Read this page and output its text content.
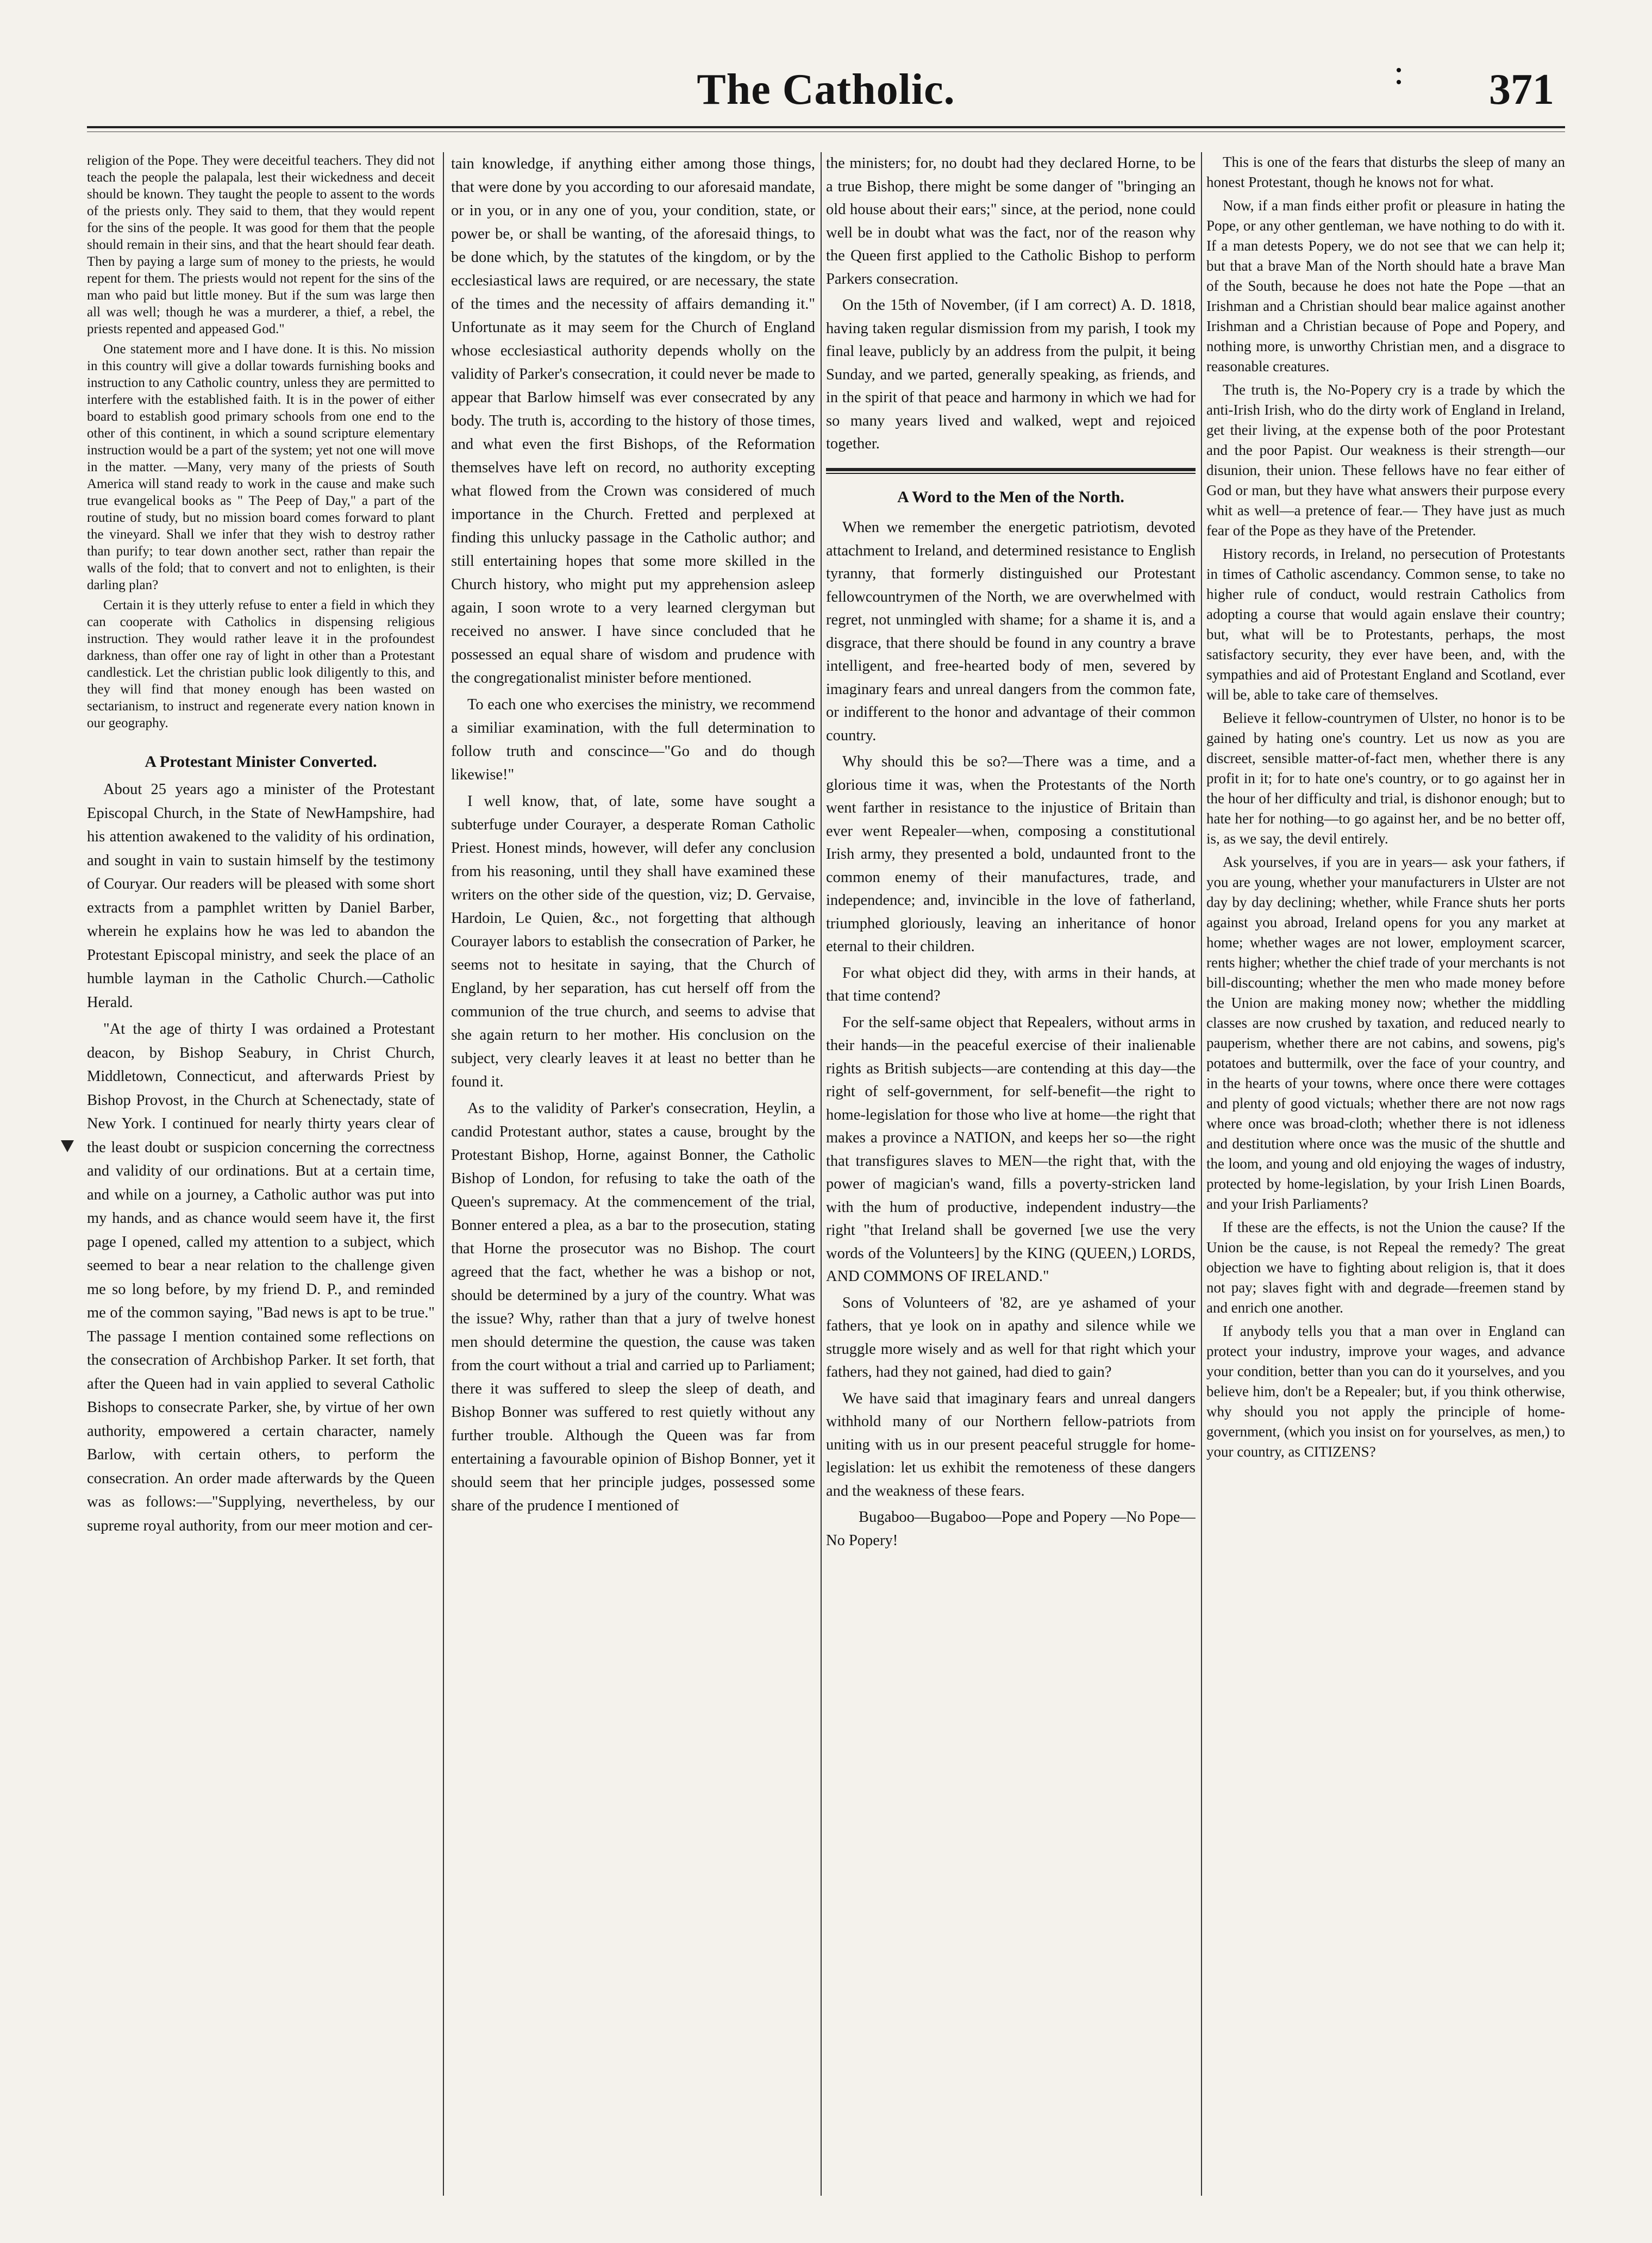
The Catholic.	371

religion of the Pope. They were deceitful teachers. They did not teach the people the palapala, lest their wickedness and deceit should be known. They taught the people to assent to the words of the priests only. They said to them, that they would repent for the sins of the people. It was good for them that the people should remain in their sins, and that the heart should fear death. Then by paying a large sum of money to the priests, he would repent for them. The priests would not repent for the sins of the man who paid but little money. But if the sum was large then all was well; though he was a murderer, a thief, a rebel, the priests repented and appeased God."

One statement more and I have done. It is this. No mission in this country will give a dollar towards furnishing books and instruction to any Catholic country, unless they are permitted to interfere with the established faith. It is in the power of either board to establish good primary schools from one end to the other of this continent, in which a sound scripture elementary instruction would be a part of the system; yet not one will move in the matter. —Many, very many of the priests of South America will stand ready to work in the cause and make such true evangelical books as " The Peep of Day," a part of the routine of study, but no mission board comes forward to plant the vineyard. Shall we infer that they wish to destroy rather than purify; to tear down another sect, rather than repair the walls of the fold; that to convert and not to enlighten, is their darling plan?

Certain it is they utterly refuse to enter a field in which they can cooperate with Catholics in dispensing religious instruction. They would rather leave it in the profoundest darkness, than offer one ray of light in other than a Protestant candlestick. Let the christian public look diligently to this, and they will find that money enough has been wasted on sectarianism, to instruct and regenerate every nation known in our geography.

A Protestant Minister Converted.

About 25 years ago a minister of the Protestant Episcopal Church, in the State of NewHampshire, had his attention awakened to the validity of his ordination, and sought in vain to sustain himself by the testimony of Couryar. Our readers will be pleased with some short extracts from a pamphlet written by Daniel Barber, wherein he explains how he was led to abandon the Protestant Episcopal ministry, and seek the place of an humble layman in the Catholic Church.—Catholic Herald.

"At the age of thirty I was ordained a Protestant deacon, by Bishop Seabury, in Christ Church, Middletown, Connecticut, and afterwards Priest by Bishop Provost, in the Church at Schenectady, state of New York. I continued for nearly thirty years clear of the least doubt or suspicion concerning the correctness and validity of our ordinations. But at a certain time, and while on a journey, a Catholic author was put into my hands, and as chance would seem have it, the first page I opened, called my attention to a subject, which seemed to bear a near relation to the challenge given me so long before, by my friend D. P., and reminded me of the common saying, "Bad news is apt to be true." The passage I mention contained some reflections on the consecration of Archbishop Parker. It set forth, that after the Queen had in vain applied to several Catholic Bishops to consecrate Parker, she, by virtue of her own authority, empowered a certain character, namely Barlow, with certain others, to perform the consecration. An order made afterwards by the Queen was as follows:—"Supplying, nevertheless, by our supreme royal authority, from our meer motion and cer-

tain knowledge, if anything either among those things, that were done by you according to our aforesaid mandate, or in you, or in any one of you, your condition, state, or power be, or shall be wanting, of the aforesaid things, to be done which, by the statutes of the kingdom, or by the ecclesiastical laws are required, or are necessary, the state of the times and the necessity of affairs demanding it." Unfortunate as it may seem for the Church of England whose ecclesiastical authority depends wholly on the validity of Parker's consecration, it could never be made to appear that Barlow himself was ever consecrated by any body. The truth is, according to the history of those times, and what even the first Bishops, of the Reformation themselves have left on record, no authority excepting what flowed from the Crown was considered of much importance in the Church. Fretted and perplexed at finding this unlucky passage in the Catholic author; and still entertaining hopes that some more skilled in the Church history, who might put my apprehension asleep again, I soon wrote to a very learned clergyman but received no answer. I have since concluded that he possessed an equal share of wisdom and prudence with the congregationalist minister before mentioned.

To each one who exercises the ministry, we recommend a similiar examination, with the full determination to follow truth and conscince—"Go and do though likewise!"

I well know, that, of late, some have sought a subterfuge under Courayer, a desperate Roman Catholic Priest. Honest minds, however, will defer any conclusion from his reasoning, until they shall have examined these writers on the other side of the question, viz; D. Gervaise, Hardoin, Le Quien, &c., not forgetting that although Courayer labors to establish the consecration of Parker, he seems not to hesitate in saying, that the Church of England, by her separation, has cut herself off from the communion of the true church, and seems to advise that she again return to her mother. His conclusion on the subject, very clearly leaves it at least no better than he found it.

As to the validity of Parker's consecration, Heylin, a candid Protestant author, states a cause, brought by the Protestant Bishop, Horne, against Bonner, the Catholic Bishop of London, for refusing to take the oath of the Queen's supremacy. At the commencement of the trial, Bonner entered a plea, as a bar to the prosecution, stating that Horne the prosecutor was no Bishop. The court agreed that the fact, whether he was a bishop or not, should be determined by a jury of the country. What was the issue? Why, rather than that a jury of twelve honest men should determine the question, the cause was taken from the court without a trial and carried up to Parliament; there it was suffered to sleep the sleep of death, and Bishop Bonner was suffered to rest quietly without any further trouble. Although the Queen was far from entertaining a favourable opinion of Bishop Bonner, yet it should seem that her principle judges, possessed some share of the prudence I mentioned of

the ministers; for, no doubt had they declared Horne, to be a true Bishop, there might be some danger of "bringing an old house about their ears;" since, at the period, none could well be in doubt what was the fact, nor of the reason why the Queen first applied to the Catholic Bishop to perform Parkers consecration.

On the 15th of November, (if I am correct) A. D. 1818, having taken regular dismission from my parish, I took my final leave, publicly by an address from the pulpit, it being Sunday, and we parted, generally speaking, as friends, and in the spirit of that peace and harmony in which we had for so many years lived and walked, wept and rejoiced together.

A Word to the Men of the North.

When we remember the energetic patriotism, devoted attachment to Ireland, and determined resistance to English tyranny, that formerly distinguished our Protestant fellowcountrymen of the North, we are overwhelmed with regret, not unmingled with shame; for a shame it is, and a disgrace, that there should be found in any country a brave intelligent, and free-hearted body of men, severed by imaginary fears and unreal dangers from the common fate, or indifferent to the honor and advantage of their common country.

Why should this be so?—There was a time, and a glorious time it was, when the Protestants of the North went farther in resistance to the injustice of Britain than ever went Repealer—when, composing a constitutional Irish army, they presented a bold, undaunted front to the common enemy of their manufactures, trade, and independence; and, invincible in the love of fatherland, triumphed gloriously, leaving an inheritance of honor eternal to their children.

For what object did they, with arms in their hands, at that time contend?

For the self-same object that Repealers, without arms in their hands—in the peaceful exercise of their inalienable rights as British subjects—are contending at this day—the right of self-government, for self-benefit—the right to home-legislation for those who live at home—the right that makes a province a NATION, and keeps her so—the right that transfigures slaves to MEN—the right that, with the power of magician's wand, fills a poverty-stricken land with the hum of productive, independent industry—the right "that Ireland shall be governed [we use the very words of the Volunteers] by the KING (QUEEN,) LORDS, AND COMMONS OF IRELAND."

Sons of Volunteers of '82, are ye ashamed of your fathers, that ye look on in apathy and silence while we struggle more wisely and as well for that right which your fathers, had they not gained, had died to gain?

We have said that imaginary fears and unreal dangers withhold many of our Northern fellow-patriots from uniting with us in our present peaceful struggle for home-legislation: let us exhibit the remoteness of these dangers and the weakness of these fears.

Bugaboo—Bugaboo—Pope and Popery —No Pope—No Popery!

This is one of the fears that disturbs the sleep of many an honest Protestant, though he knows not for what.

Now, if a man finds either profit or pleasure in hating the Pope, or any other gentleman, we have nothing to do with it. If a man detests Popery, we do not see that we can help it; but that a brave Man of the North should hate a brave Man of the South, because he does not hate the Pope —that an Irishman and a Christian should bear malice against another Irishman and a Christian because of Pope and Popery, and nothing more, is unworthy Christian men, and a disgrace to reasonable creatures.

The truth is, the No-Popery cry is a trade by which the anti-Irish Irish, who do the dirty work of England in Ireland, get their living, at the expense both of the poor Protestant and the poor Papist. Our weakness is their strength—our disunion, their union. These fellows have no fear either of God or man, but they have what answers their purpose every whit as well—a pretence of fear.— They have just as much fear of the Pope as they have of the Pretender.

History records, in Ireland, no persecution of Protestants in times of Catholic ascendancy. Common sense, to take no higher rule of conduct, would restrain Catholics from adopting a course that would again enslave their country; but, what will be to Protestants, perhaps, the most satisfactory security, they ever have been, and, with the sympathies and aid of Protestant England and Scotland, ever will be, able to take care of themselves.

Believe it fellow-countrymen of Ulster, no honor is to be gained by hating one's country. Let us now as you are discreet, sensible matter-of-fact men, whether there is any profit in it; for to hate one's country, or to go against her in the hour of her difficulty and trial, is dishonor enough; but to hate her for nothing—to go against her, and be no better off, is, as we say, the devil entirely.

Ask yourselves, if you are in years— ask your fathers, if you are young, whether your manufacturers in Ulster are not day by day declining; whether, while France shuts her ports against you abroad, Ireland opens for you any market at home; whether wages are not lower, employment scarcer, rents higher; whether the chief trade of your merchants is not bill-discounting; whether the men who made money before the Union are making money now; whether the middling classes are now crushed by taxation, and reduced nearly to pauperism, whether there are not cabins, and sowens, pig's potatoes and buttermilk, over the face of your country, and in the hearts of your towns, where once there were cottages and plenty of good victuals; whether there are not now rags where once was broad-cloth; whether there is not idleness and destitution where once was the music of the shuttle and the loom, and young and old enjoying the wages of industry, protected by home-legislation, by your Irish Linen Boards, and your Irish Parliaments?

If these are the effects, is not the Union the cause? If the Union be the cause, is not Repeal the remedy? The great objection we have to fighting about religion is, that it does not pay; slaves fight with and degrade—freemen stand by and enrich one another.

If anybody tells you that a man over in England can protect your industry, improve your wages, and advance your condition, better than you can do it yourselves, and you believe him, don't be a Repealer; but, if you think otherwise, why should you not apply the principle of home-government, (which you insist on for yourselves, as men,) to your country, as CITIZENS?
